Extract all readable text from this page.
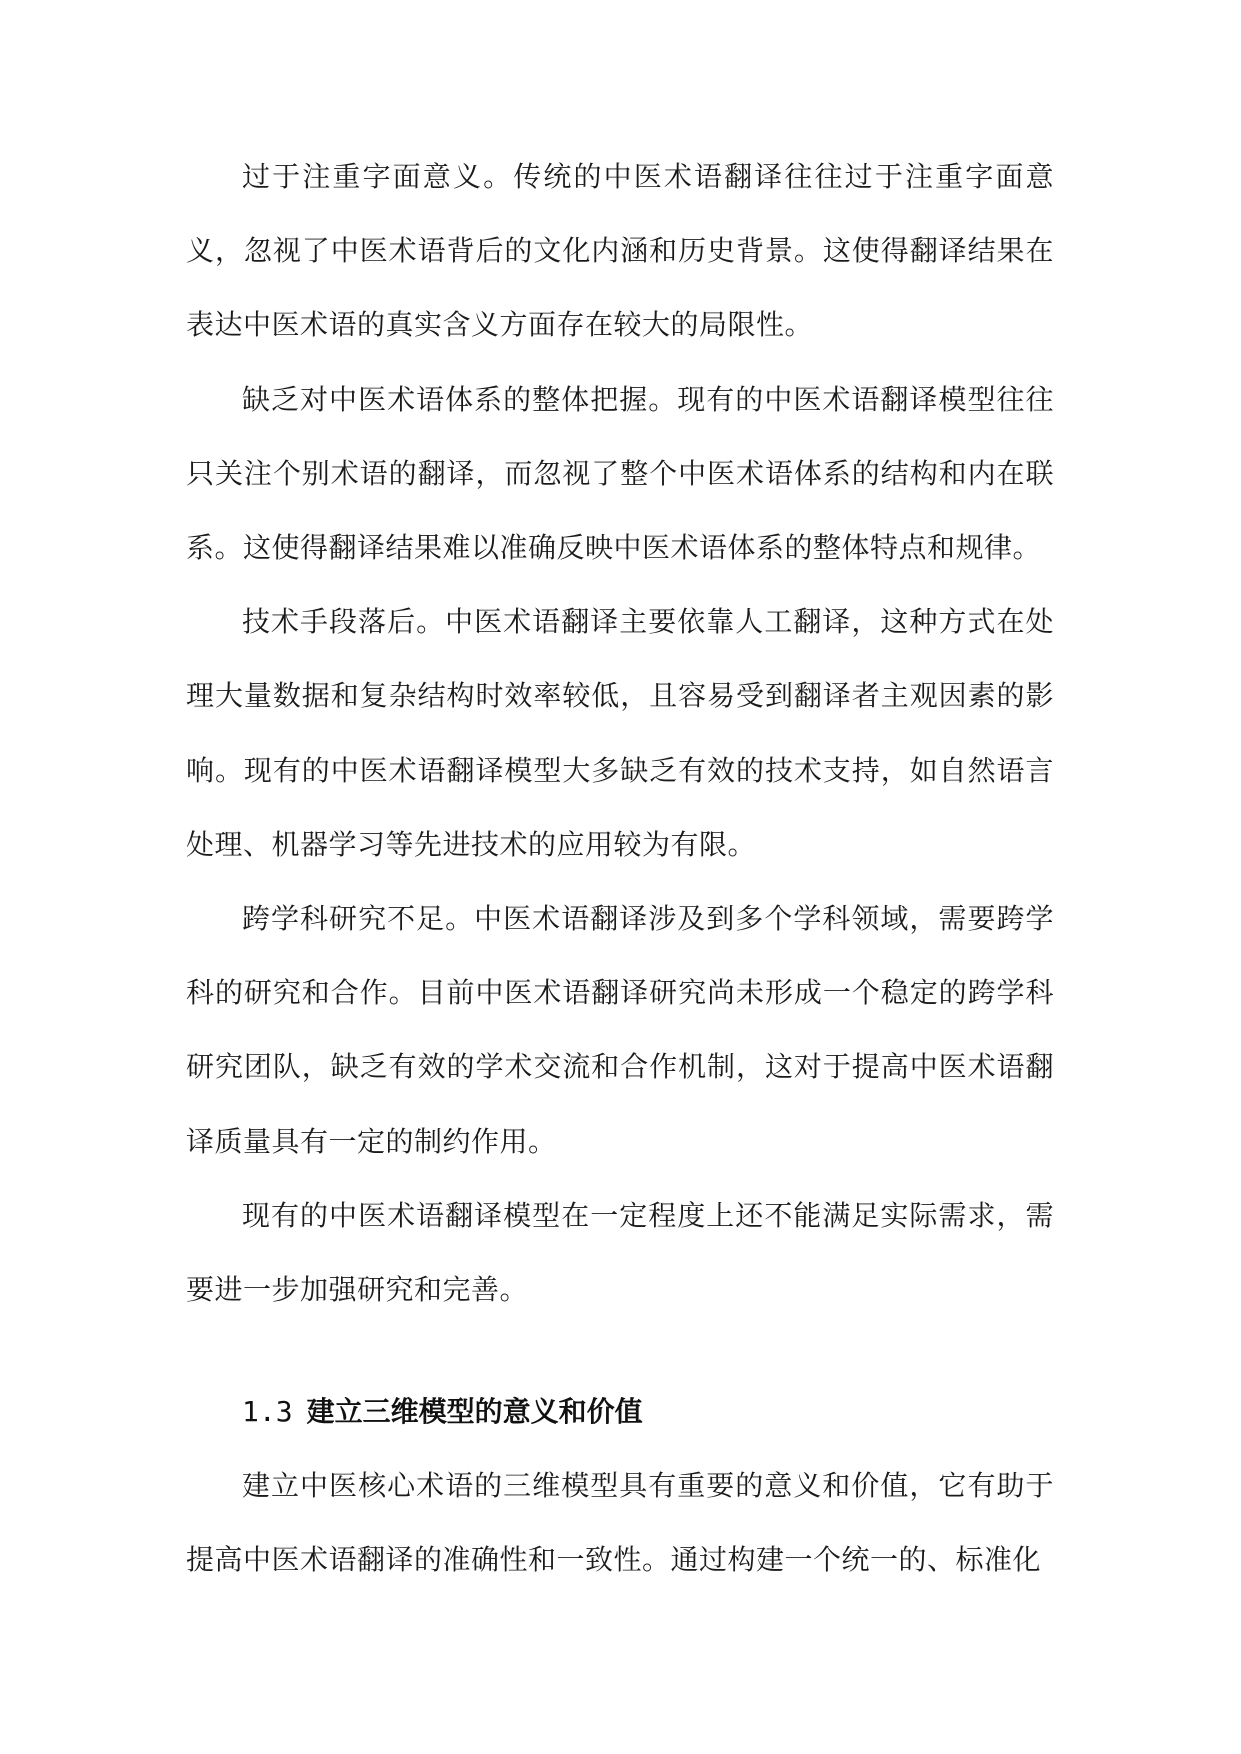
过于注重字面意义。传统的中医术语翻译往往过于注重字面意义，忽视了中医术语背后的文化内涵和历史背景。这使得翻译结果在表达中医术语的真实含义方面存在较大的局限性。

缺乏对中医术语体系的整体把握。现有的中医术语翻译模型往往只关注个别术语的翻译，而忽视了整个中医术语体系的结构和内在联系。这使得翻译结果难以准确反映中医术语体系的整体特点和规律。

技术手段落后。中医术语翻译主要依靠人工翻译，这种方式在处理大量数据和复杂结构时效率较低，且容易受到翻译者主观因素的影响。现有的中医术语翻译模型大多缺乏有效的技术支持，如自然语言处理、机器学习等先进技术的应用较为有限。

跨学科研究不足。中医术语翻译涉及到多个学科领域，需要跨学科的研究和合作。目前中医术语翻译研究尚未形成一个稳定的跨学科研究团队，缺乏有效的学术交流和合作机制，这对于提高中医术语翻译质量具有一定的制约作用。

现有的中医术语翻译模型在一定程度上还不能满足实际需求，需要进一步加强研究和完善。

1.3 建立三维模型的意义和价值

建立中医核心术语的三维模型具有重要的意义和价值，它有助于提高中医术语翻译的准确性和一致性。通过构建一个统一的、标准化
